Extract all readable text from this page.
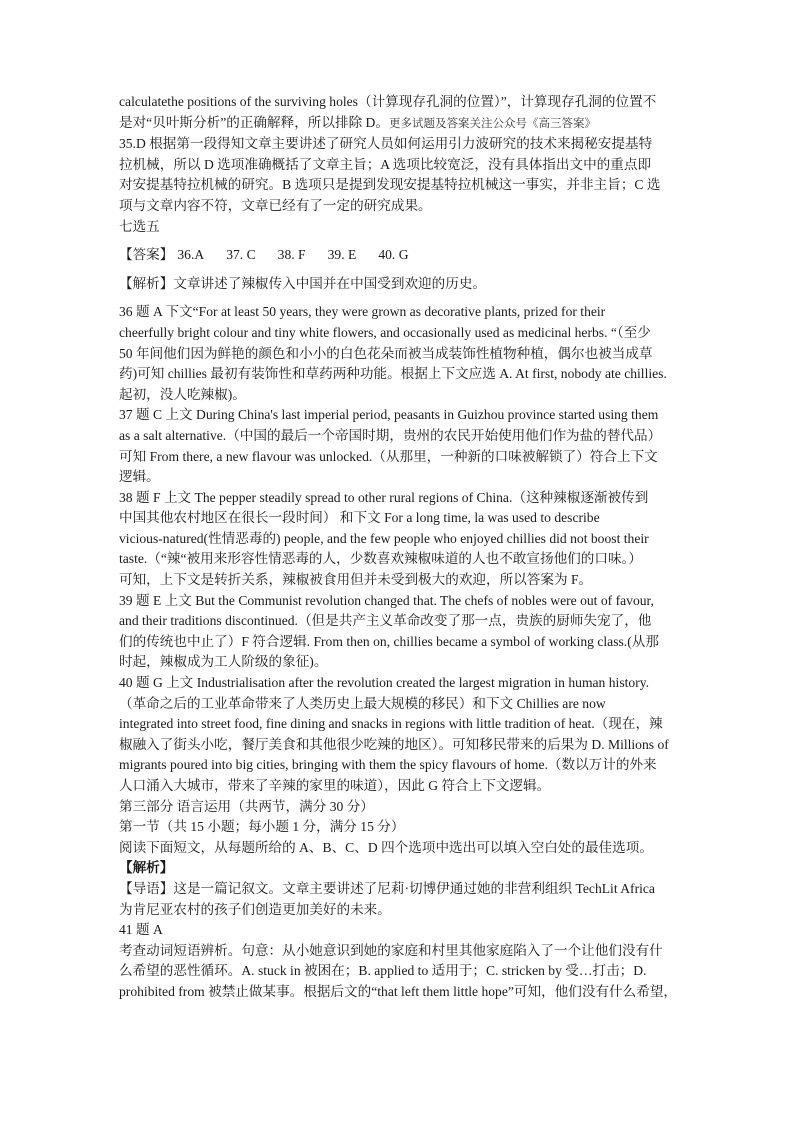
calculatethe positions of the surviving holes（计算现存孔洞的位置）”，计算现存孔洞的位置不
是对“贝叶斯分析”的正确解释，所以排除 D。更多试题及答案关注公众号《高三答案》
35.D 根据第一段得知文章主要讲述了研究人员如何运用引力波研究的技术来揭秘安提基特
拉机械，所以 D 选项准确概括了文章主旨；A 选项比较宽泛，没有具体指出文中的重点即
对安提基特拉机械的研究。B 选项只是提到发现安提基特拉机械这一事实，并非主旨；C 选
项与文章内容不符，文章已经有了一定的研究成果。
七选五
【答案】 36.A 37. C 38. F 39. E 40. G
【解析】文章讲述了辣椒传入中国并在中国受到欢迎的历史。
36 题 A 下文“For at least 50 years, they were grown as decorative plants, prized for their
cheerfully bright colour and tiny white flowers, and occasionally used as medicinal herbs. “（至少
50 年间他们因为鲜艳的颜色和小小的白色花朵而被当成装饰性植物种植，偶尔也被当成草
药)可知 chillies 最初有装饰性和草药两种功能。根据上下文应选 A. At first, nobody ate chillies.
起初，没人吃辣椒)。
37 题 C 上文 During China's last imperial period, peasants in Guizhou province started using them
as a salt alternative.（中国的最后一个帝国时期，贵州的农民开始使用他们作为盐的替代品）
可知 From there, a new flavour was unlocked.（从那里，一种新的口味被解锁了）符合上下文
逻辑。
38 题 F 上文 The pepper steadily spread to other rural regions of China.（这种辣椒逐渐被传到
中国其他农村地区在很长一段时间） 和下文 For a long time, la was used to describe
vicious-natured(性情恶毒的) people, and the few people who enjoyed chillies did not boost their
taste.（“辣“被用来形容性情恶毒的人，少数喜欢辣椒味道的人也不敢宣扬他们的口味。）
可知，上下文是转折关系，辣椒被食用但并未受到极大的欢迎，所以答案为 F。
39 题 E 上文 But the Communist revolution changed that. The chefs of nobles were out of favour,
and their traditions discontinued.（但是共产主义革命改变了那一点，贵族的厨师失宠了，他
们的传统也中止了）F 符合逻辑. From then on, chillies became a symbol of working class.(从那
时起，辣椒成为工人阶级的象征)。
40 题 G 上文 Industrialisation after the revolution created the largest migration in human history.
（革命之后的工业革命带来了人类历史上最大规模的移民）和下文 Chillies are now
integrated into street food, fine dining and snacks in regions with little tradition of heat.（现在，辣
椒融入了街头小吃，餐厅美食和其他很少吃辣的地区）。可知移民带来的后果为 D. Millions of
migrants poured into big cities, bringing with them the spicy flavours of home.（数以万计的外来
人口涌入大城市，带来了辛辣的家里的味道），因此 G 符合上下文逻辑。
第三部分 语言运用（共两节，满分 30 分）
第一节（共 15 小题；每小题 1 分，满分 15 分）
阅读下面短文，从每题所给的 A、B、C、D 四个选项中选出可以填入空白处的最佳选项。
【解析】
【导语】这是一篇记叙文。文章主要讲述了尼莉·切博伊通过她的非营利组织 TechLit Africa
为肯尼亚农村的孩子们创造更加美好的未来。
41 题 A
考查动词短语辨析。句意：从小她意识到她的家庭和村里其他家庭陷入了一个让他们没有什
么希望的恶性循环。A. stuck in 被困在；B. applied to 适用于；C. stricken by 受…打击；D.
prohibited from 被禁止做某事。根据后文的“that left them little hope”可知，他们没有什么希望，
